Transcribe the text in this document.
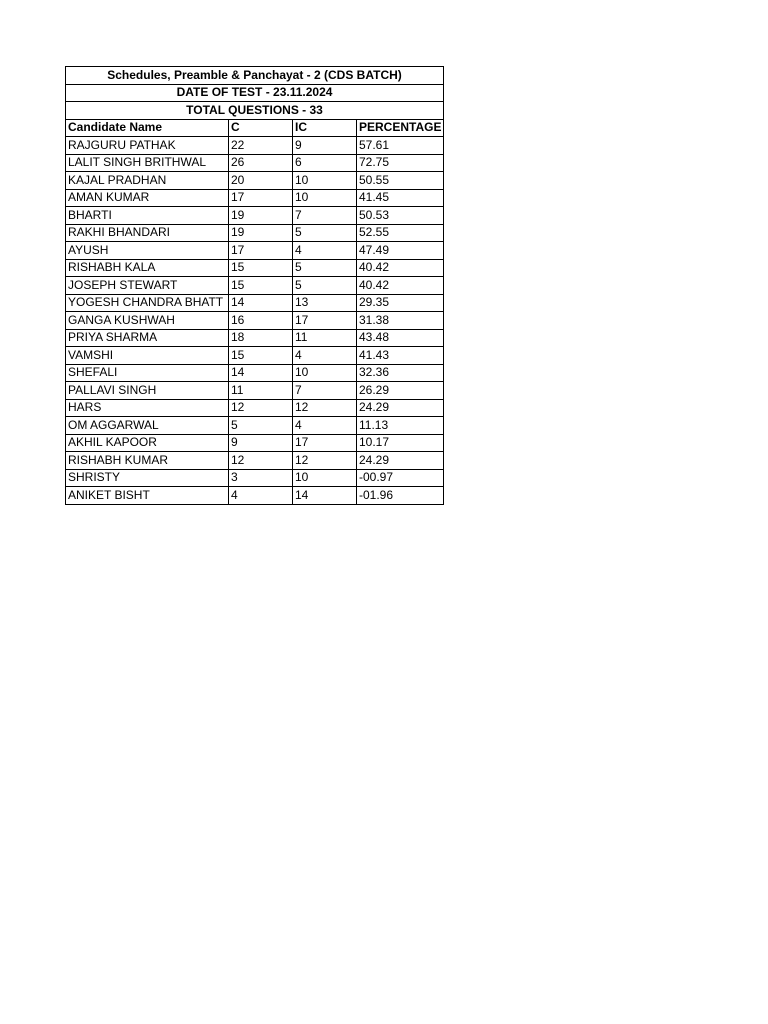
Schedules, Preamble & Panchayat - 2 (CDS BATCH)			
DATE OF TEST - 23.11.2024			
TOTAL QUESTIONS - 33			
Candidate Name	C	IC	PERCENTAGE
RAJGURU PATHAK	22	9	57.61
LALIT SINGH BRITHWAL	26	6	72.75
KAJAL PRADHAN	20	10	50.55
AMAN KUMAR	17	10	41.45
BHARTI	19	7	50.53
RAKHI BHANDARI	19	5	52.55
AYUSH	17	4	47.49
RISHABH KALA	15	5	40.42
JOSEPH STEWART	15	5	40.42
YOGESH CHANDRA BHATT	14	13	29.35
GANGA KUSHWAH	16	17	31.38
PRIYA SHARMA	18	11	43.48
VAMSHI	15	4	41.43
SHEFALI	14	10	32.36
PALLAVI SINGH	11	7	26.29
HARS	12	12	24.29
OM AGGARWAL	5	4	11.13
AKHIL KAPOOR	9	17	10.17
RISHABH KUMAR	12	12	24.29
SHRISTY	3	10	-00.97
ANIKET BISHT	4	14	-01.96
